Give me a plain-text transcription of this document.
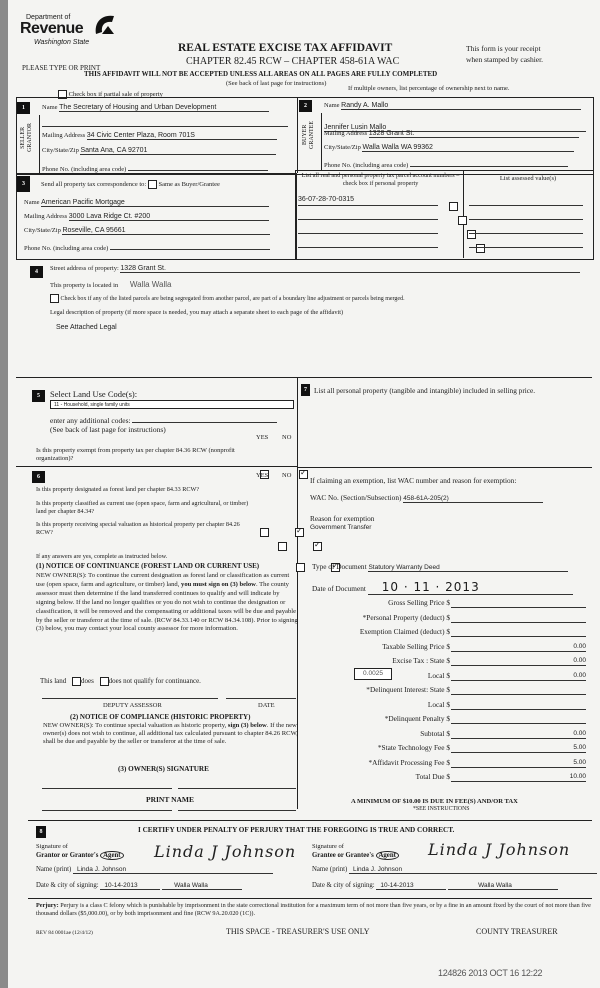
Department of
Revenue
Washington State	REAL ESTATE EXCISE TAX AFFIDAVIT
CHAPTER 82.45 RCW – CHAPTER 458-61A WAC
This form is your receipt
when stamped by cashier.
PLEASE TYPE OR PRINT
THIS AFFIDAVIT WILL NOT BE ACCEPTED UNLESS ALL AREAS ON ALL PAGES ARE FULLY COMPLETED
(See back of last page for instructions)
Check box if partial sale of property
If multiple owners, list percentage of ownership next to name.
1
SELLER
GRANTOR
Name The Secretary of Housing and Urban Development
Mailing Address 34 Civic Center Plaza, Room 701S
City/State/Zip Santa Ana, CA 92701
Phone No. (including area code)
2
BUYER
GRANTEE
Name Randy A. Mallo
Jennifer Lusin Mallo
Mailing Address 1328 Grant St.
City/State/Zip Walla Walla WA 99362
Phone No. (including area code)
3	Send all property tax correspondence to: Same as Buyer/Grantee
Name American Pacific Mortgage
Mailing Address 3000 Lava Ridge Ct. #200
City/State/Zip Roseville, CA 95661
Phone No. (including area code)
List all real and personal property tax parcel account numbers – check box if personal property
List assessed value(s)
36-07-28-70-0315
4	Street address of property: 1328 Grant St.
This property is located in Walla Walla
Check box if any of the listed parcels are being segregated from another parcel, are part of a boundary line adjustment or parcels being merged.
Legal description of property (if more space is needed, you may attach a separate sheet to each page of the affidavit)
See Attached Legal
5	Select Land Use Code(s):
11 - Household, single family units
enter any additional codes:
(See back of last page for instructions)
YES NO
Is this property exempt from property tax per chapter 84.36 RCW (nonprofit organization)?
✓
6	YES NO
Is this property designated as forest land per chapter 84.33 RCW?
✓
Is this property classified as current use (open space, farm and agricultural, or timber) land per chapter 84.34?
✓
Is this property receiving special valuation as historical property per chapter 84.26 RCW?
✓
If any answers are yes, complete as instructed below.
(1) NOTICE OF CONTINUANCE (FOREST LAND OR CURRENT USE)
NEW OWNER(S): To continue the current designation as forest land or classification as current use (open space, farm and agriculture, or timber) land, you must sign on (3) below. The county assessor must then determine if the land transferred continues to qualify and will indicate by signing below. If the land no longer qualifies or you do not wish to continue the designation or classification, it will be removed and the compensating or additional taxes will be due and payable by the seller or transferor at the time of sale. (RCW 84.33.140 or RCW 84.34.108). Prior to signing (3) below, you may contact your local county assessor for more information.
This land does does not qualify for continuance.
DEPUTY ASSESSOR	DATE
(2) NOTICE OF COMPLIANCE (HISTORIC PROPERTY)
NEW OWNER(S): To continue special valuation as historic property, sign (3) below. If the new owner(s) does not wish to continue, all additional tax calculated pursuant to chapter 84.26 RCW, shall be due and payable by the seller or transferor at the time of sale.
(3) OWNER(S) SIGNATURE
PRINT NAME
7 List all personal property (tangible and intangible) included in selling price.
If claiming an exemption, list WAC number and reason for exemption:
WAC No. (Section/Subsection) 458-61A-205(2)
Reason for exemption
Government Transfer
Type of Document Statutory Warranty Deed
Date of Document 10 · 11 · 2013
0.0025
Gross Selling Price $
*Personal Property (deduct) $
Exemption Claimed (deduct) $
Taxable Selling Price $	0.00
Excise Tax : State $	0.00
Local $	0.00
*Delinquent Interest: State $
Local $
*Delinquent Penalty $
Subtotal $	0.00
*State Technology Fee $	5.00
*Affidavit Processing Fee $	5.00
Total Due $	10.00
A MINIMUM OF $10.00 IS DUE IN FEE(S) AND/OR TAX
*SEE INSTRUCTIONS
8	I CERTIFY UNDER PENALTY OF PERJURY THAT THE FOREGOING IS TRUE AND CORRECT.
Signature of
Grantor or Grantor's Agent Linda J Johnson Signature of
Grantee or Grantee's Agent Linda J Johnson
Name (print) Linda J. Johnson	Name (print) Linda J. Johnson
Date & city of signing: 10-14-2013	Walla Walla	Date & city of signing: 10-14-2013	Walla Walla
Perjury: Perjury is a class C felony which is punishable by imprisonment in the state correctional institution for a maximum term of not more than five years, or by a fine in an amount fixed by the court of not more than five thousand dollars ($5,000.00), or by both imprisonment and fine (RCW 9A.20.020 (1C)).
REV 84 0001ae (12/4/12)	THIS SPACE - TREASURER'S USE ONLY	COUNTY TREASURER
124826 2013 OCT 16 12:22
